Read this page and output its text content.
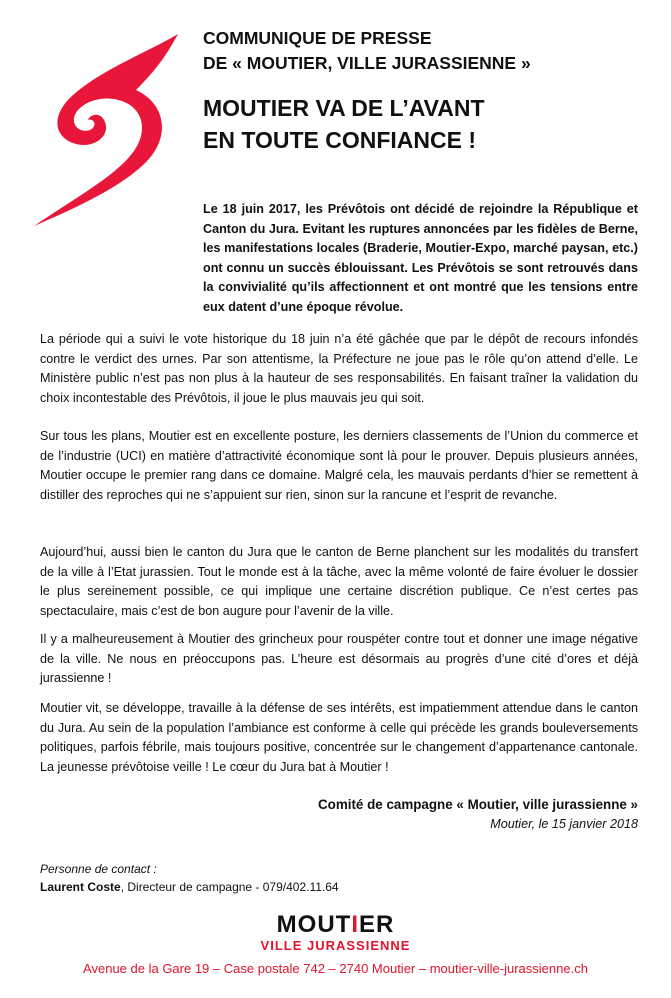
COMMUNIQUE DE PRESSE
DE « MOUTIER, VILLE JURASSIENNE »
MOUTIER VA DE L’AVANT
EN TOUTE CONFIANCE !

Le 18 juin 2017, les Prévôtois ont décidé de rejoindre la République et Canton du Jura. Evitant les ruptures annoncées par les fidèles de Berne, les manifestations locales (Braderie, Moutier-Expo, marché paysan, etc.) ont connu un succès éblouissant. Les Prévôtois se sont retrouvés dans la convivialité qu’ils affectionnent et ont montré que les tensions entre eux datent d’une époque révolue.

La période qui a suivi le vote historique du 18 juin n’a été gâchée que par le dépôt de recours infondés contre le verdict des urnes. Par son attentisme, la Préfecture ne joue pas le rôle qu’on attend d’elle. Le Ministère public n’est pas non plus à la hauteur de ses responsabilités. En faisant traîner la validation du choix incontestable des Prévôtois, il joue le plus mauvais jeu qui soit.

Sur tous les plans, Moutier est en excellente posture, les derniers classements de l’Union du commerce et de l’industrie (UCI) en matière d’attractivité économique sont là pour le prouver. Depuis plusieurs années, Moutier occupe le premier rang dans ce domaine. Malgré cela, les mauvais perdants d’hier se remettent à distiller des reproches qui ne s’appuient sur rien, sinon sur la rancune et l’esprit de revanche.

Aujourd’hui, aussi bien le canton du Jura que le canton de Berne planchent sur les modalités du transfert de la ville à l’Etat jurassien. Tout le monde est à la tâche, avec la même volonté de faire évoluer le dossier le plus sereinement possible, ce qui implique une certaine discrétion publique. Ce n’est certes pas spectaculaire, mais c’est de bon augure pour l’avenir de la ville.

Il y a malheureusement à Moutier des grincheux pour rouspéter contre tout et donner une image négative de la ville. Ne nous en préoccupons pas. L’heure est désormais au progrès d’une cité d’ores et déjà jurassienne !

Moutier vit, se développe, travaille à la défense de ses intérêts, est impatiemment attendue dans le canton du Jura. Au sein de la population l’ambiance est conforme à celle qui précède les grands bouleversements politiques, parfois fébrile, mais toujours positive, concentrée sur le changement d’appartenance cantonale. La jeunesse prévôtoise veille ! Le cœur du Jura bat à Moutier !

Comité de campagne « Moutier, ville jurassienne »
Moutier, le 15 janvier 2018
Personne de contact :
Laurent Coste, Directeur de campagne - 079/402.11.64
MOUTIER
VILLE JURASSIENNE
Avenue de la Gare 19 – Case postale 742 – 2740 Moutier – moutier-ville-jurassienne.ch
